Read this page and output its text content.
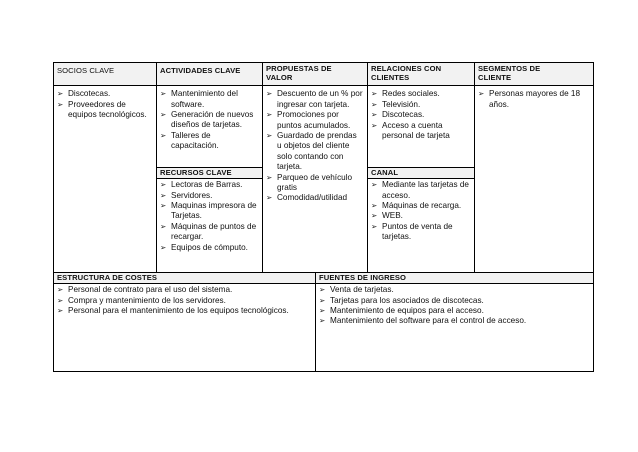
SOCIOS CLAVE
➢
Discotecas.
➢
Proveedores de equipos tecnológicos.
ACTIVIDADES CLAVE
➢
Mantenimiento del software.
➢
Generación de nuevos diseños de tarjetas.
➢
Talleres de capacitación.
RECURSOS CLAVE
➢
Lectoras de Barras.
➢
Servidores.
➢
Maquinas impresora de Tarjetas.
➢
Máquinas de puntos de recargar.
➢
Equipos de cómputo.
PROPUESTAS DE VALOR
➢
Descuento de un % por ingresar con tarjeta.
➢
Promociones por puntos acumulados.
➢
Guardado de prendas u objetos del cliente solo contando con tarjeta.
➢
Parqueo de vehículo gratis
➢
Comodidad/utilidad
RELACIONES CON CLIENTES
➢
Redes sociales.
➢
Televisión.
➢
Discotecas.
➢
Acceso a cuenta personal de tarjeta
CANAL
➢
Mediante las tarjetas de acceso.
➢
Máquinas de recarga.
➢
WEB.
➢
Puntos de venta de tarjetas.
SEGMENTOS DE CLIENTE
➢
Personas mayores de 18 años.
ESTRUCTURA DE COSTES
➢
Personal de contrato para el uso del sistema.
➢
Compra y mantenimiento de los servidores.
➢
Personal para el mantenimiento de los equipos tecnológicos.
FUENTES DE INGRESO
➢
Venta de tarjetas.
➢
Tarjetas para los asociados de discotecas.
➢
Mantenimiento de equipos para el acceso.
➢
Mantenimiento del software para el control de acceso.
